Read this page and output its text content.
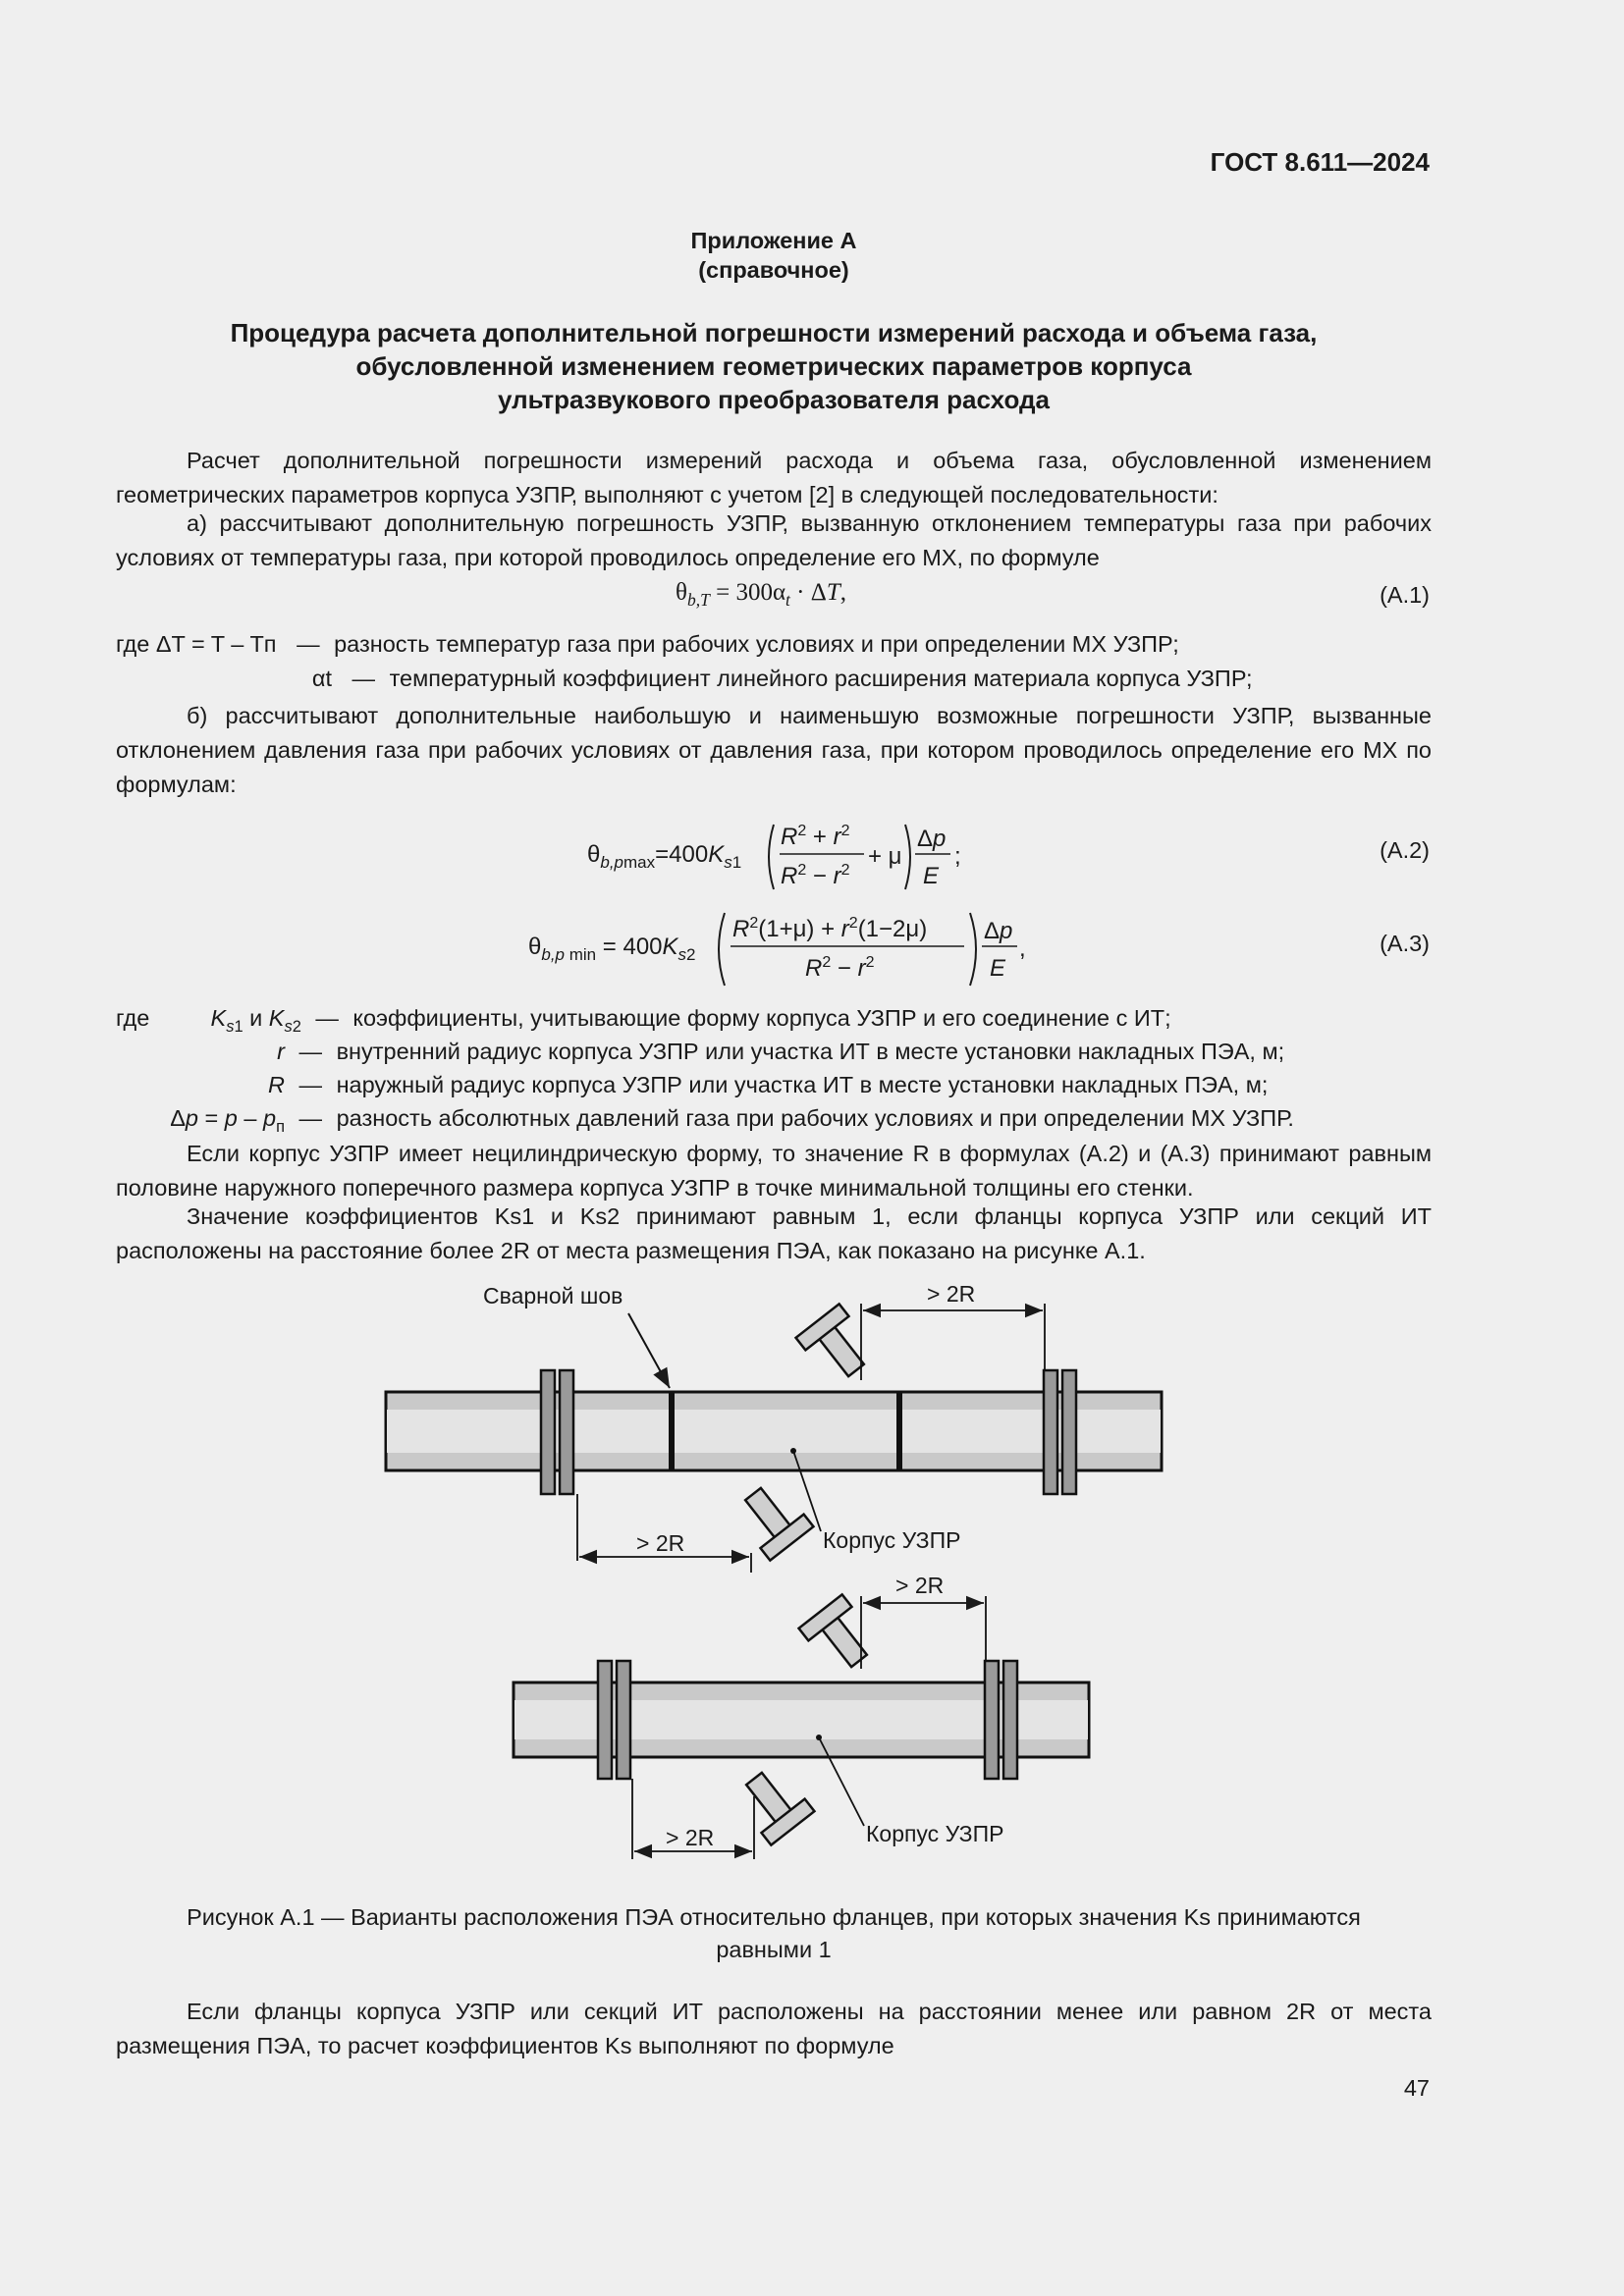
ГОСТ 8.611—2024
Приложение А
(справочное)
Процедура расчета дополнительной погрешности измерений расхода и объема газа,
обусловленной изменением геометрических параметров корпуса
ультразвукового преобразователя расхода
Расчет дополнительной погрешности измерений расхода и объема газа, обусловленной изменением геометрических параметров корпуса УЗПР, выполняют с учетом [2] в следующей последовательности:
а) рассчитывают дополнительную погрешность УЗПР, вызванную отклонением температуры газа при рабочих условиях от температуры газа, при которой проводилось определение его МХ, по формуле
$\theta_{b,T} = 300\alpha_t \cdot \Delta T$,	(А.1)
где ΔT = T – Tп — разность температур газа при рабочих условиях и при определении МХ УЗПР;
αt — температурный коэффициент линейного расширения материала корпуса УЗПР;
б) рассчитывают дополнительные наибольшую и наименьшую возможные погрешности УЗПР, вызванные отклонением давления газа при рабочих условиях от давления газа, при котором проводилось определение его МХ по формулам:
$\theta_{b,p}\max=400K_s1$
$R^2 + r^2$
$R^2 - r^2$
+ μ
Δp
E
;	(А.2)
$\theta_{b,p}$ $\min = 400K_s2$
$R^2(1+\mu) + r^2(1-2\mu)$
$R^2 - r^2$
Δp
E
,	(А.3)
где	$K_{s1}$ и $K_{s2}$ — коэффициенты, учитывающие форму корпуса УЗПР и его соединение с ИТ;
r — внутренний радиус корпуса УЗПР или участка ИТ в месте установки накладных ПЭА, м;
R — наружный радиус корпуса УЗПР или участка ИТ в месте установки накладных ПЭА, м;
$\Delta p = p - p_п$ — разность абсолютных давлений газа при рабочих условиях и при определении МХ УЗПР.
Если корпус УЗПР имеет нецилиндрическую форму, то значение R в формулах (А.2) и (А.3) принимают равным половине наружного поперечного размера корпуса УЗПР в точке минимальной толщины его стенки.
Значение коэффициентов Ks1 и Ks2 принимают равным 1, если фланцы корпуса УЗПР или секций ИТ расположены на расстояние более 2R от места размещения ПЭА, как показано на рисунке А.1.
Сварной шов	> 2R
> 2R	Корпус УЗПР
> 2R
> 2R	Корпус УЗПР
Рисунок А.1 — Варианты расположения ПЭА относительно фланцев, при которых значения Ks принимаются
равными 1
Если фланцы корпуса УЗПР или секций ИТ расположены на расстоянии менее или равном 2R от места размещения ПЭА, то расчет коэффициентов Ks выполняют по формуле
47
